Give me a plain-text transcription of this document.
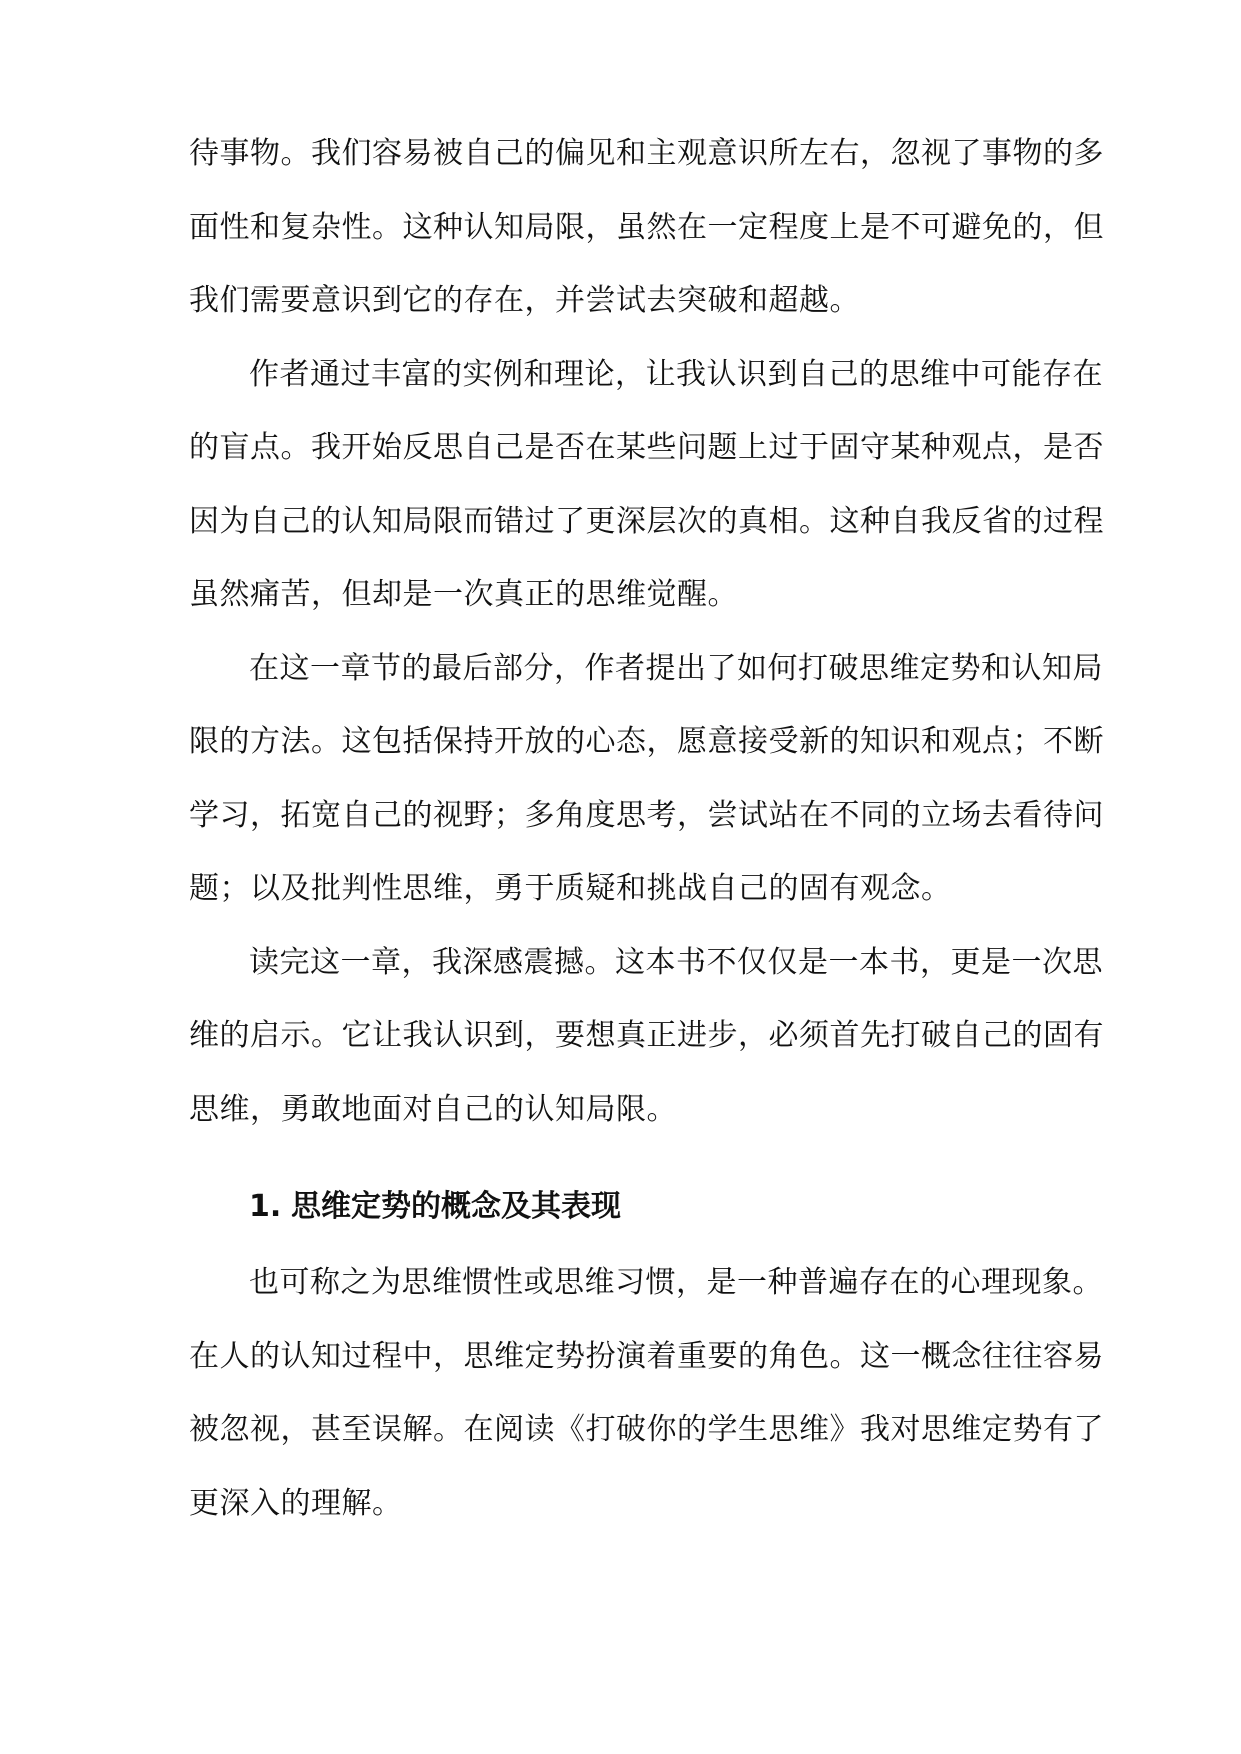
待事物。我们容易被自己的偏见和主观意识所左右，忽视了事物的多
面性和复杂性。这种认知局限，虽然在一定程度上是不可避免的，但
我们需要意识到它的存在，并尝试去突破和超越。
作者通过丰富的实例和理论，让我认识到自己的思维中可能存在
的盲点。我开始反思自己是否在某些问题上过于固守某种观点，是否
因为自己的认知局限而错过了更深层次的真相。这种自我反省的过程
虽然痛苦，但却是一次真正的思维觉醒。
在这一章节的最后部分，作者提出了如何打破思维定势和认知局
限的方法。这包括保持开放的心态，愿意接受新的知识和观点；不断
学习，拓宽自己的视野；多角度思考，尝试站在不同的立场去看待问
题；以及批判性思维，勇于质疑和挑战自己的固有观念。
读完这一章，我深感震撼。这本书不仅仅是一本书，更是一次思
维的启示。它让我认识到，要想真正进步，必须首先打破自己的固有
思维，勇敢地面对自己的认知局限。
1. 思维定势的概念及其表现
也可称之为思维惯性或思维习惯，是一种普遍存在的心理现象。
在人的认知过程中，思维定势扮演着重要的角色。这一概念往往容易
被忽视，甚至误解。在阅读《打破你的学生思维》我对思维定势有了
更深入的理解。
